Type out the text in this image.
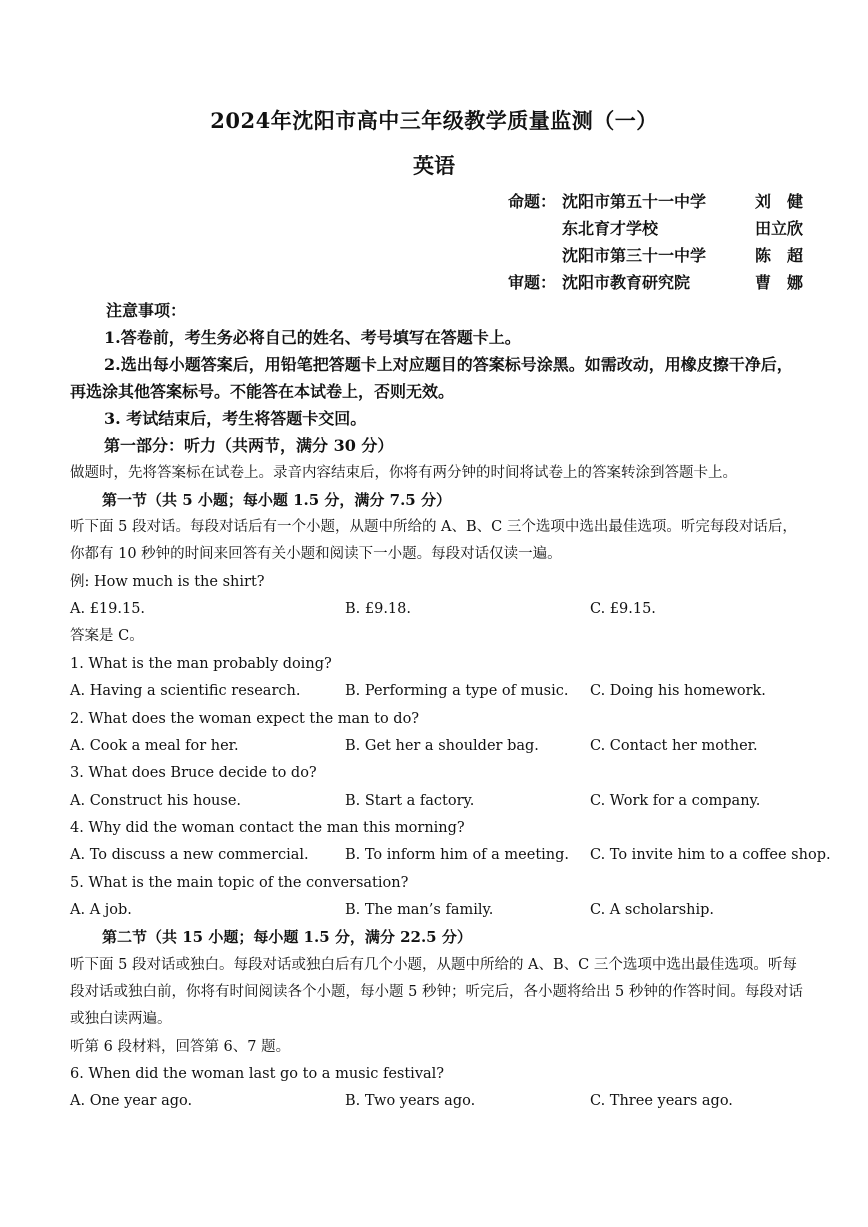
2024年沈阳市高中三年级教学质量监测（一）
英语
命题： 沈阳市第五十一中学	刘　健
东北育才学校	田立欣
沈阳市第三十一中学	陈　超
审题： 沈阳市教育研究院	曹　娜
注意事项：
1.答卷前，考生务必将自己的姓名、考号填写在答题卡上。
2.选出每小题答案后，用铅笔把答题卡上对应题目的答案标号涂黑。如需改动，用橡皮擦干净后，再选涂其他答案标号。不能答在本试卷上，否则无效。
3. 考试结束后，考生将答题卡交回。
第一部分：听力（共两节，满分 30 分）
做题时，先将答案标在试卷上。录音内容结束后，你将有两分钟的时间将试卷上的答案转涂到答题卡上。
第一节（共 5 小题；每小题 1.5 分，满分 7.5 分）
听下面 5 段对话。每段对话后有一个小题，从题中所给的 A、B、C 三个选项中选出最佳选项。听完每段对话后，你都有 10 秒钟的时间来回答有关小题和阅读下一小题。每段对话仅读一遍。
例: How much is the shirt?
A. £19.15.	B. £9.18.	C. £9.15.
答案是 C。
1. What is the man probably doing?
A. Having a scientific research.	B. Performing a type of music. C. Doing his homework.
2. What does the woman expect the man to do?
A. Cook a meal for her.	B. Get her a shoulder bag.	C. Contact her mother.
3. What does Bruce decide to do?
A. Construct his house.	B. Start a factory.	C. Work for a company.
4. Why did the woman contact the man this morning?
A. To discuss a new commercial.	B. To inform him of a meeting. C. To invite him to a coffee shop.
5. What is the main topic of the conversation?
A. A job.	B. The man’s family.	C. A scholarship.
第二节（共 15 小题；每小题 1.5 分，满分 22.5 分）
听下面 5 段对话或独白。每段对话或独白后有几个小题，从题中所给的 A、B、C 三个选项中选出最佳选项。听每段对话或独白前，你将有时间阅读各个小题，每小题 5 秒钟；听完后，各小题将给出 5 秒钟的作答时间。每段对话或独白读两遍。
听第 6 段材料，回答第 6、7 题。
6. When did the woman last go to a music festival?
A. One year ago.	B. Two years ago.	C. Three years ago.
